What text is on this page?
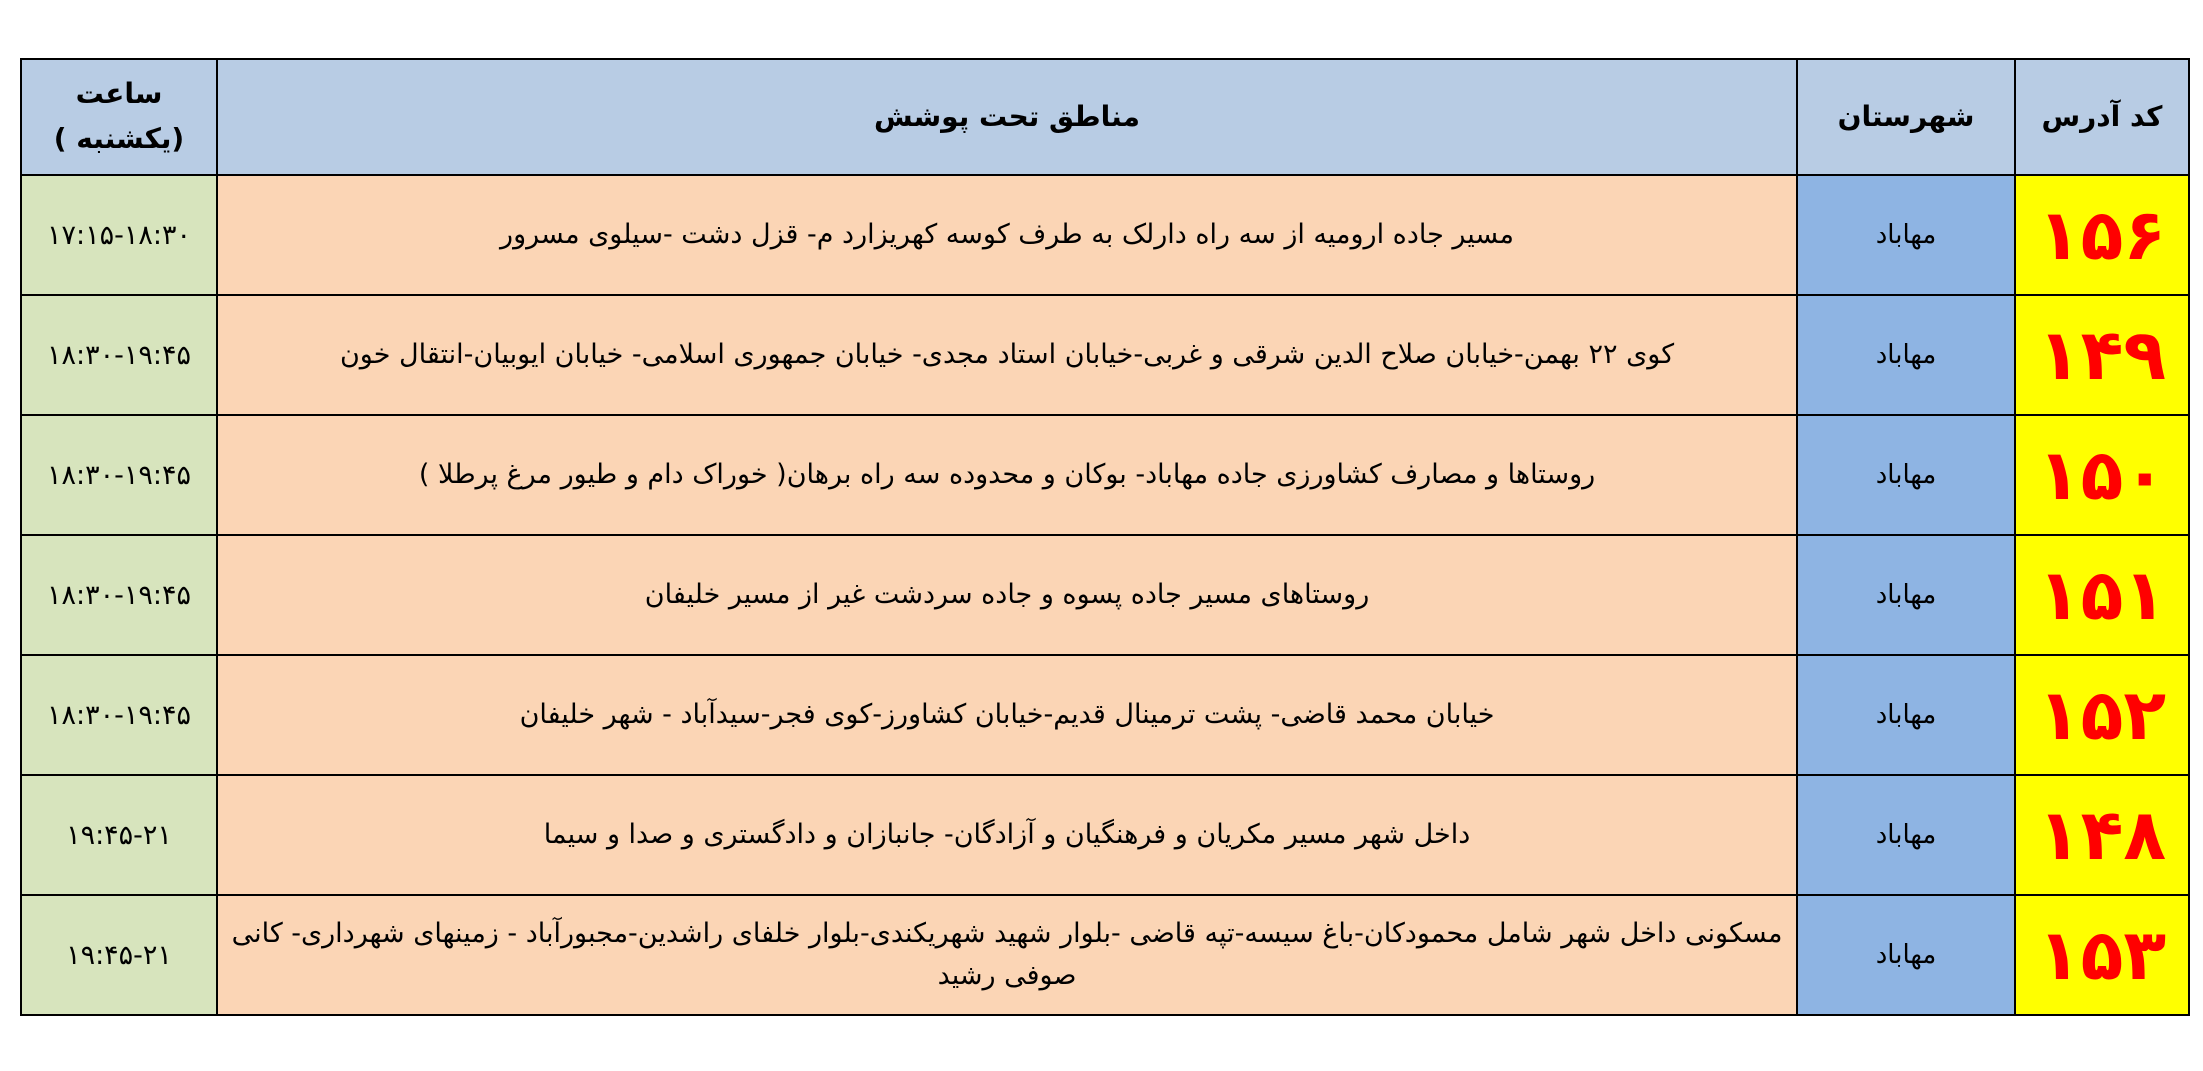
کد آدرس	شهرستان	مناطق تحت پوشش	ساعت
(یکشنبه )

۱۵۶	مهاباد	مسیر جاده ارومیه از سه راه دارلک به طرف کوسه کهریزارد م- قزل دشت -سیلوی مسرور	۱۷:۱۵-۱۸:۳۰
۱۴۹	مهاباد	کوی ۲۲ بهمن-خیابان صلاح الدین شرقی و غربی-خیابان استاد مجدی- خیابان جمهوری اسلامی- خیابان ایوبیان-انتقال خون	۱۸:۳۰-۱۹:۴۵
۱۵۰	مهاباد	روستاها و مصارف کشاورزی جاده مهاباد- بوکان و محدوده سه راه برهان( خوراک دام و طیور مرغ پرطلا )	۱۸:۳۰-۱۹:۴۵
۱۵۱	مهاباد	روستاهای مسیر جاده پسوه و جاده سردشت غیر از مسیر خلیفان	۱۸:۳۰-۱۹:۴۵
۱۵۲	مهاباد	خیابان محمد قاضی- پشت ترمینال قدیم-خیابان کشاورز-کوی فجر-سیدآباد - شهر خلیفان	۱۸:۳۰-۱۹:۴۵
۱۴۸	مهاباد	داخل شهر مسیر مکریان و فرهنگیان و آزادگان- جانبازان و دادگستری و صدا و سیما	۱۹:۴۵-۲۱
۱۵۳	مهاباد	مسکونی داخل شهر شامل محمودکان-باغ سیسه-تپه قاضی -بلوار شهید شهریکندی-بلوار خلفای راشدین-مجبورآباد - زمینهای شهرداری- کانی صوفی رشید	۱۹:۴۵-۲۱
